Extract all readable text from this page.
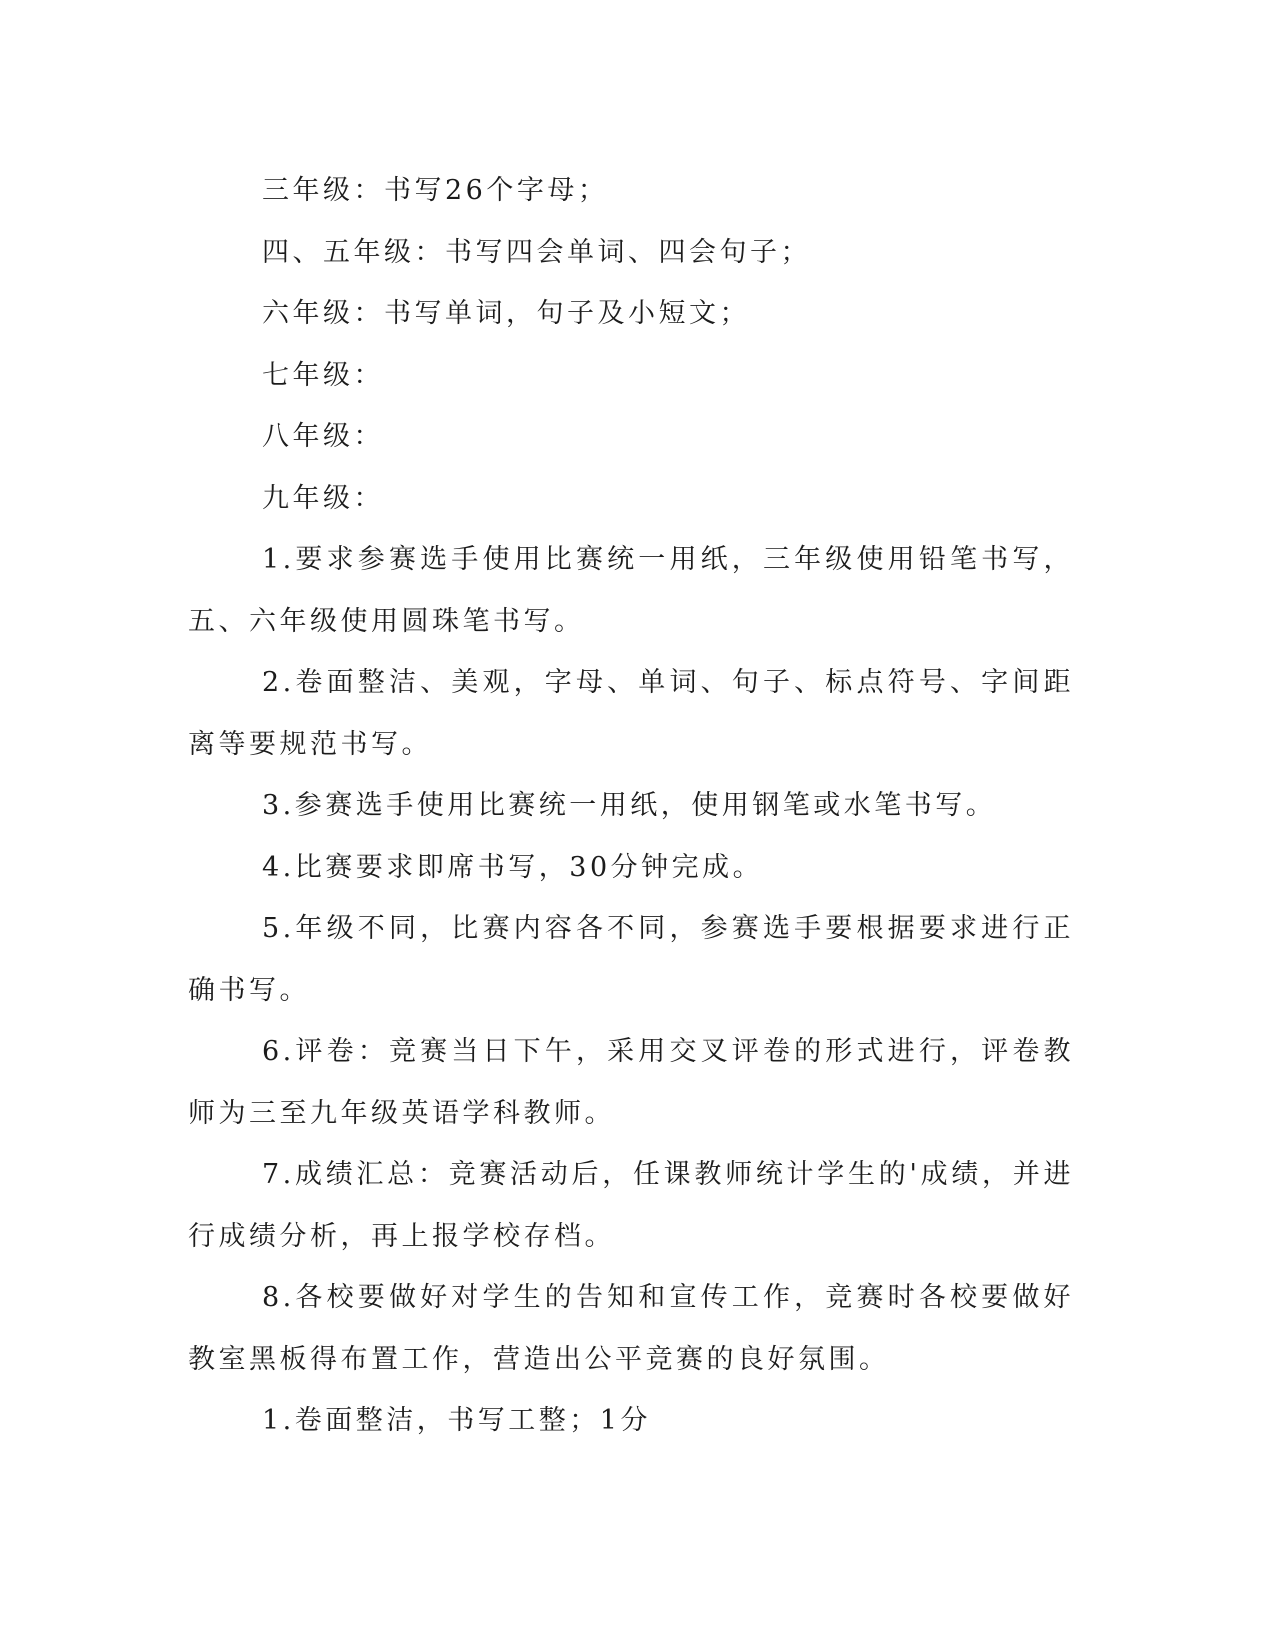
三年级：书写26个字母；

四、五年级：书写四会单词、四会句子；

六年级：书写单词，句子及小短文；

七年级：

八年级：

九年级：

1.要求参赛选手使用比赛统一用纸，三年级使用铅笔书写，五、六年级使用圆珠笔书写。

2.卷面整洁、美观，字母、单词、句子、标点符号、字间距离等要规范书写。

3.参赛选手使用比赛统一用纸，使用钢笔或水笔书写。

4.比赛要求即席书写，30分钟完成。

5.年级不同，比赛内容各不同，参赛选手要根据要求进行正确书写。

6.评卷：竞赛当日下午，采用交叉评卷的形式进行，评卷教师为三至九年级英语学科教师。

7.成绩汇总：竞赛活动后，任课教师统计学生的'成绩，并进行成绩分析，再上报学校存档。

8.各校要做好对学生的告知和宣传工作，竞赛时各校要做好教室黑板得布置工作，营造出公平竞赛的良好氛围。

1.卷面整洁，书写工整；1分
